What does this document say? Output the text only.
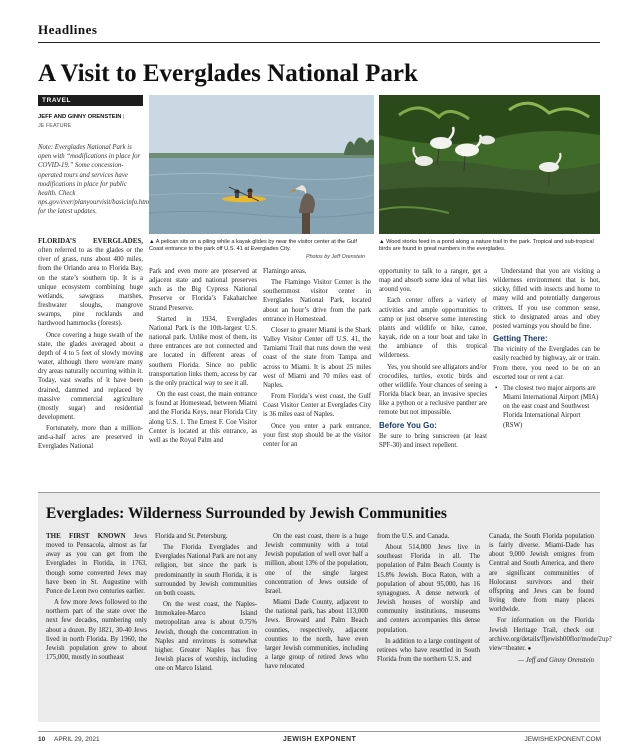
Headlines
A Visit to Everglades National Park
TRAVEL
JEFF AND GINNY ORENSTEIN |
JE FEATURE
Note: Everglades National Park is open with “modifications in place for COVID-19.” Some concession-operated tours and services have modifications in place for public health. Check nps.gov/ever/planyourvisit/basicinfo.htm for the latest updates.
▲ A pelican sits on a piling while a kayak glides by near the visitor center at the Gulf Coast entrance to the park off U.S. 41 at Everglades City.
Photos by Jeff Orenstein
▲ Wood storks feed in a pond along a nature trail in the park. Tropical and sub-tropical birds are found in great numbers in the everglades.

FLORIDA’S EVERGLADES, often referred to as the glades or the river of grass, runs about 400 miles, from the Orlando area to Florida Bay, on the state’s southern tip. It is a unique ecosystem combining huge wetlands, sawgrass marshes, freshwater sloughs, mangrove swamps, pine rocklands and hardwood hammocks (forests).

Once covering a huge swath of the state, the glades averaged about a depth of 4 to 5 feet of slowly moving water, although there were/are many dry areas naturally occurring within it. Today, vast swaths of it have been drained, dammed and replaced by massive commercial agriculture (mostly sugar) and residential development.

Fortunately, more than a million-and-a-half acres are preserved in Everglades National

Park and even more are preserved at adjacent state and national preserves such as the Big Cypress National Preserve or Florida’s Fakahatchee Strand Preserve.

Started in 1934, Everglades National Park is the 10th-largest U.S. national park. Unlike most of them, its three entrances are not connected and are located in different areas of southern Florida. Since no public transportation links them, access by car is the only practical way to see it all.

On the east coast, the main entrance is found at Homestead, between Miami and the Florida Keys, near Florida City along U.S. 1. The Ernest F. Coe Visitor Center is located at this entrance, as well as the Royal Palm and

Flamingo areas.

The Flamingo Visitor Center is the southernmost visitor center in Everglades National Park, located about an hour’s drive from the park entrance in Homestead.

Closer to greater Miami is the Shark Valley Visitor Center off U.S. 41, the Tamiami Trail that runs down the west coast of the state from Tampa and across to Miami. It is about 25 miles west of Miami and 70 miles east of Naples.

From Florida’s west coast, the Gulf Coast Visitor Center at Everglades City is 36 miles east of Naples.

Once you enter a park entrance, your first stop should be at the visitor center for an

opportunity to talk to a ranger, get a map and absorb some idea of what lies around you.

Each center offers a variety of activities and ample opportunities to camp or just observe some interesting plants and wildlife or hike, canoe, kayak, ride on a tour boat and take in the ambiance of this tropical wilderness.

Yes, you should see alligators and/or crocodiles, turtles, exotic birds and other wildlife. Your chances of seeing a Florida black bear, an invasive species like a python or a reclusive panther are remote but not impossible.

Before You Go:

Be sure to bring sunscreen (at least SPF-30) and insect repellent.

Understand that you are visiting a wilderness environment that is hot, sticky, filled with insects and home to many wild and potentially dangerous critters. If you use common sense, stick to designated areas and obey posted warnings you should be fine.

Getting There:

The vicinity of the Everglades can be easily reached by highway, air or train. From there, you need to be on an escorted tour or rent a car.

• The closest two major airports are Miami International Airport (MIA) on the east coast and Southwest Florida International Airport (RSW)

Everglades: Wilderness Surrounded by Jewish Communities

THE FIRST KNOWN Jews moved to Pensacola, almost as far away as you can get from the Everglades in Florida, in 1763, though some converted Jews may have been in St. Augustine with Ponce de Leon two centuries earlier.

A few more Jews followed to the northern part of the state over the next few decades, numbering only about a dozen. By 1821, 30-40 Jews lived in north Florida. By 1960, the Jewish population grew to about 175,000, mostly in southeast

Florida and St. Petersburg.

The Florida Everglades and Everglades National Park are not any religion, but since the park is predominantly in south Florida, it is surrounded by Jewish communities on both coasts.

On the west coast, the Naples-Immokalee-Marco Island metropolitan area is about 0.75% Jewish, though the concentration in Naples and environs is somewhat higher. Greater Naples has five Jewish places of worship, including one on Marco Island.

On the east coast, there is a huge Jewish community with a total Jewish population of well over half a million, about 13% of the population, one of the single largest concentration of Jews outside of Israel.

Miami Dade County, adjacent to the national park, has about 113,000 Jews. Broward and Palm Beach counties, respectively, adjacent counties to the north, have even larger Jewish communities, including a large group of retired Jews who have relocated

from the U.S. and Canada.

About 514,000 Jews live in southeast Florida in all. The population of Palm Beach County is 15.8% Jewish. Boca Raton, with a population of about 95,000, has 16 synagogues. A dense network of Jewish houses of worship and community institutions, museums and centers accompanies this dense population.

In addition to a large contingent of retirees who have resettled in South Florida from the northern U.S. and

Canada, the South Florida population is fairly diverse. Miami-Dade has about 9,000 Jewish emigres from Central and South America, and there are significant communities of Holocaust survivors and their offspring and Jews can be found living there from many places worldwide.

For information on the Florida Jewish Heritage Trail, check out archive.org/details/fljewish00flor/mode/2up?view=theater. ●

— Jeff and Ginny Orenstein

JEWISH EXPONENT
10 APRIL 29, 2021	JEWISHEXPONENT.COM
